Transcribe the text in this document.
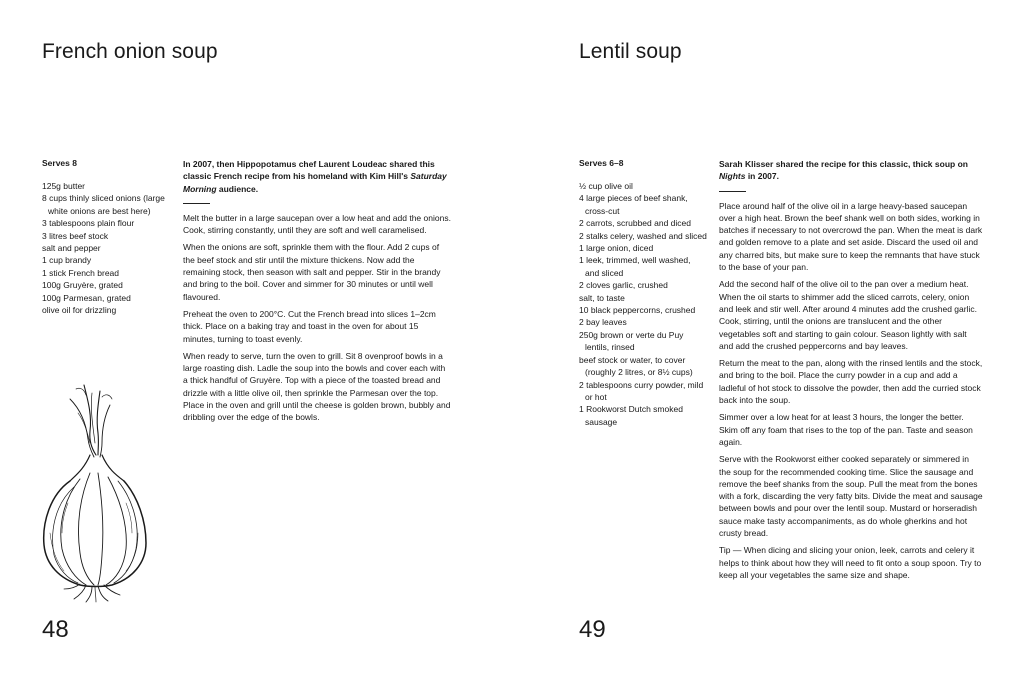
French onion soup

Serves 8

125g butter
8 cups thinly sliced onions (large white onions are best here)
3 tablespoons plain flour
3 litres beef stock
salt and pepper
1 cup brandy
1 stick French bread
100g Gruyère, grated
100g Parmesan, grated
olive oil for drizzling

In 2007, then Hippopotamus chef Laurent Loudeac shared this classic French recipe from his homeland with Kim Hill's Saturday Morning audience.

Melt the butter in a large saucepan over a low heat and add the onions. Cook, stirring constantly, until they are soft and well caramelised.

When the onions are soft, sprinkle them with the flour. Add 2 cups of the beef stock and stir until the mixture thickens. Now add the remaining stock, then season with salt and pepper. Stir in the brandy and bring to the boil. Cover and simmer for 30 minutes or until well flavoured.

Preheat the oven to 200°C. Cut the French bread into slices 1–2cm thick. Place on a baking tray and toast in the oven for about 15 minutes, turning to toast evenly.

When ready to serve, turn the oven to grill. Sit 8 ovenproof bowls in a large roasting dish. Ladle the soup into the bowls and cover each with a thick handful of Gruyère. Top with a piece of the toasted bread and drizzle with a little olive oil, then sprinkle the Parmesan over the top. Place in the oven and grill until the cheese is golden brown, bubbly and dribbling over the edge of the bowls.

48

Lentil soup

Serves 6–8

½ cup olive oil
4 large pieces of beef shank, cross-cut
2 carrots, scrubbed and diced
2 stalks celery, washed and sliced
1 large onion, diced
1 leek, trimmed, well washed, and sliced
2 cloves garlic, crushed
salt, to taste
10 black peppercorns, crushed
2 bay leaves
250g brown or verte du Puy lentils, rinsed
beef stock or water, to cover (roughly 2 litres, or 8½ cups)
2 tablespoons curry powder, mild or hot
1 Rookworst Dutch smoked sausage

Sarah Klisser shared the recipe for this classic, thick soup on Nights in 2007.

Place around half of the olive oil in a large heavy-based saucepan over a high heat. Brown the beef shank well on both sides, working in batches if necessary to not overcrowd the pan. When the meat is dark and golden remove to a plate and set aside. Discard the used oil and any charred bits, but make sure to keep the remnants that have stuck to the base of your pan.

Add the second half of the olive oil to the pan over a medium heat. When the oil starts to shimmer add the sliced carrots, celery, onion and leek and stir well. After around 4 minutes add the crushed garlic. Cook, stirring, until the onions are translucent and the other vegetables soft and starting to gain colour. Season lightly with salt and add the crushed peppercorns and bay leaves.

Return the meat to the pan, along with the rinsed lentils and the stock, and bring to the boil. Place the curry powder in a cup and add a ladleful of hot stock to dissolve the powder, then add the curried stock back into the soup.

Simmer over a low heat for at least 3 hours, the longer the better. Skim off any foam that rises to the top of the pan. Taste and season again.

Serve with the Rookworst either cooked separately or simmered in the soup for the recommended cooking time. Slice the sausage and remove the beef shanks from the soup. Pull the meat from the bones with a fork, discarding the very fatty bits. Divide the meat and sausage between bowls and pour over the lentil soup. Mustard or horseradish sauce make tasty accompaniments, as do whole gherkins and hot crusty bread.

Tip — When dicing and slicing your onion, leek, carrots and celery it helps to think about how they will need to fit onto a soup spoon. Try to keep all your vegetables the same size and shape.

49
